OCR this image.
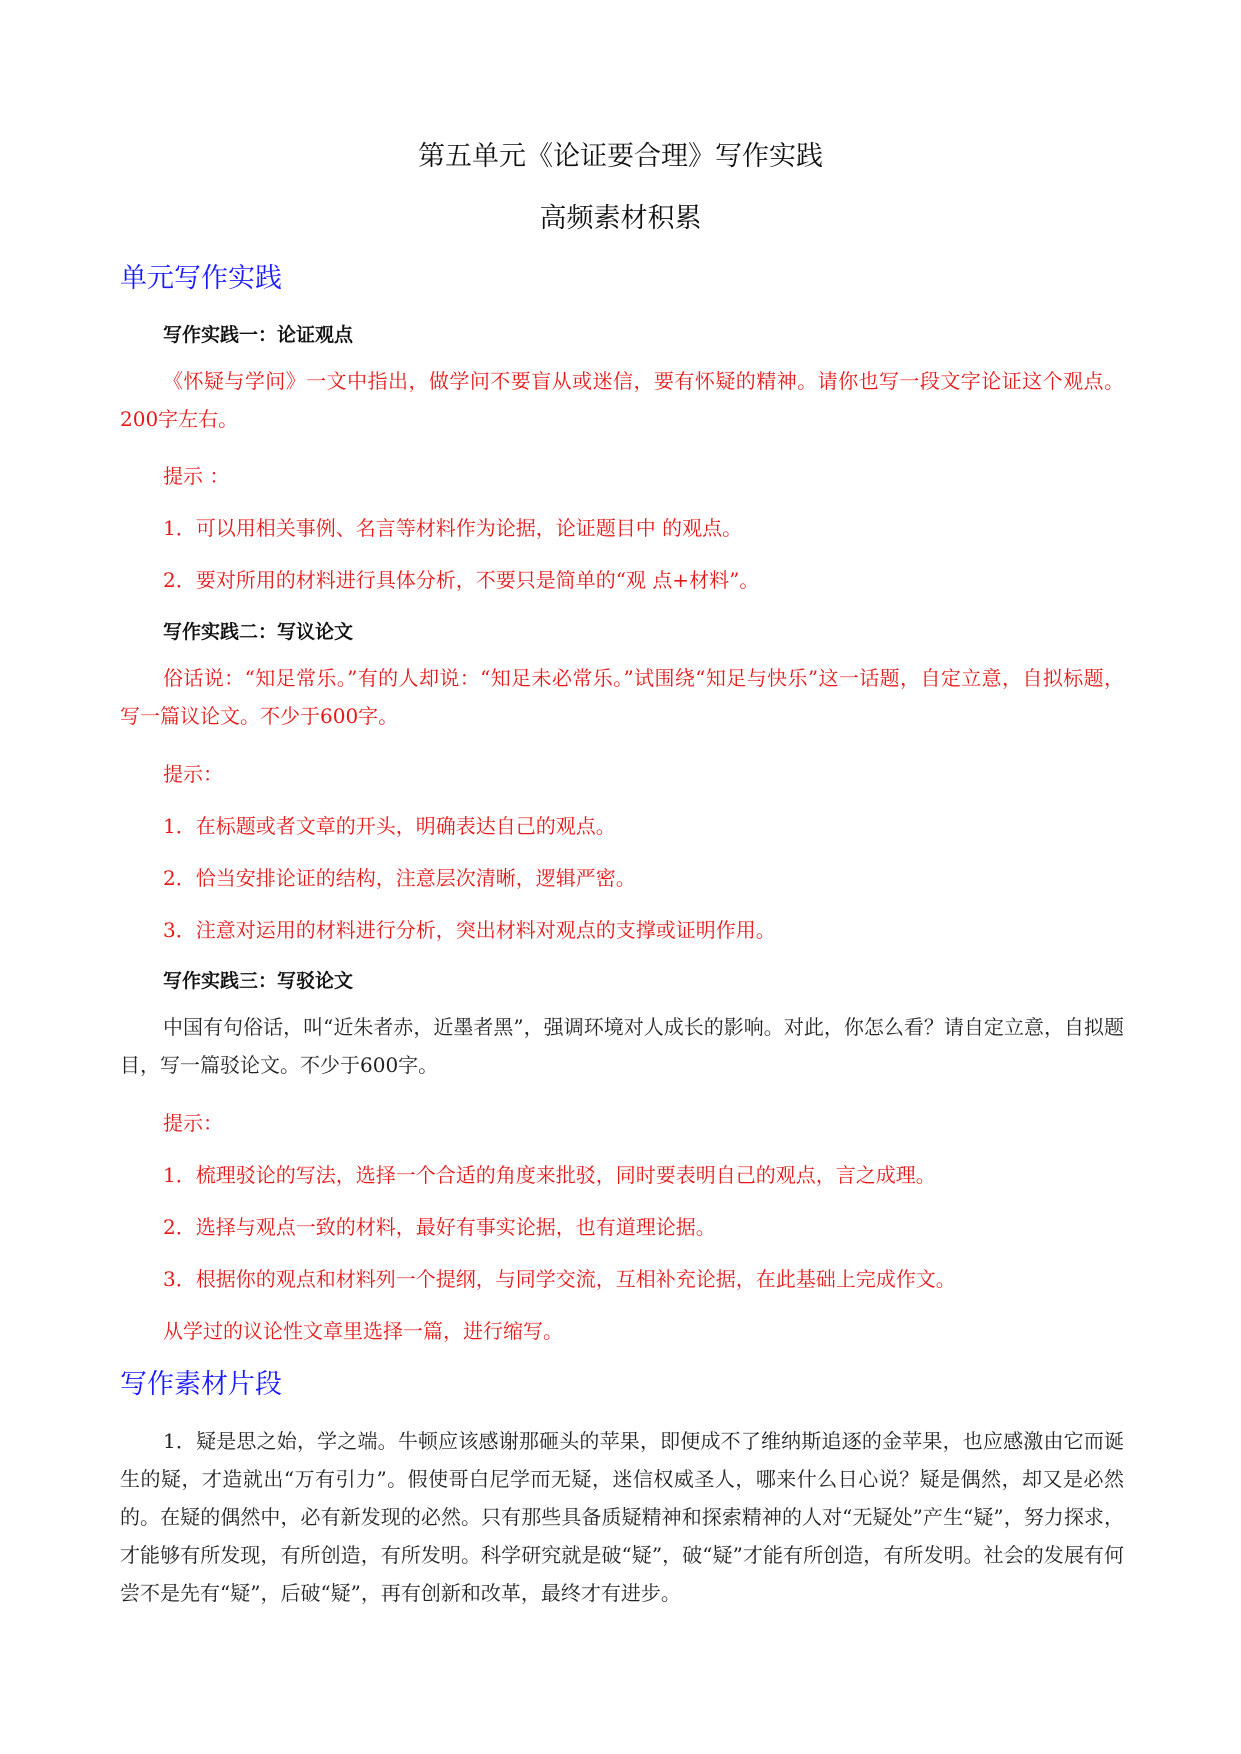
第五单元《论证要合理》写作实践
高频素材积累
单元写作实践
写作实践一：论证观点

《怀疑与学问》一文中指出，做学问不要盲从或迷信，要有怀疑的精神。请你也写一段文字论证这个观点。200字左右。

提示 ：
1．可以用相关事例、名言等材料作为论据，论证题目中 的观点。
2．要对所用的材料进行具体分析，不要只是简单的“观 点+材料”。
写作实践二：写议论文

俗话说：“知足常乐。”有的人却说：“知足未必常乐。”试围绕“知足与快乐”这一话题，自定立意，自拟标题，写一篇议论文。不少于600字。

提示：
1．在标题或者文章的开头，明确表达自己的观点。
2．恰当安排论证的结构，注意层次清晰，逻辑严密。
3．注意对运用的材料进行分析，突出材料对观点的支撑或证明作用。
写作实践三：写驳论文

中国有句俗话，叫“近朱者赤，近墨者黑”，强调环境对人成长的影响。对此，你怎么看？请自定立意，自拟题目，写一篇驳论文。不少于600字。

提示：
1．梳理驳论的写法，选择一个合适的角度来批驳，同时要表明自己的观点，言之成理。
2．选择与观点一致的材料，最好有事实论据，也有道理论据。
3．根据你的观点和材料列一个提纲，与同学交流，互相补充论据，在此基础上完成作文。
从学过的议论性文章里选择一篇，进行缩写。
写作素材片段

1．疑是思之始，学之端。牛顿应该感谢那砸头的苹果，即便成不了维纳斯追逐的金苹果，也应感激由它而诞生的疑，才造就出“万有引力”。假使哥白尼学而无疑，迷信权威圣人，哪来什么日心说？疑是偶然，却又是必然的。在疑的偶然中，必有新发现的必然。只有那些具备质疑精神和探索精神的人对“无疑处”产生“疑”，努力探求，才能够有所发现，有所创造，有所发明。科学研究就是破“疑”，破“疑”才能有所创造，有所发明。社会的发展有何尝不是先有“疑”，后破“疑”，再有创新和改革，最终才有进步。
